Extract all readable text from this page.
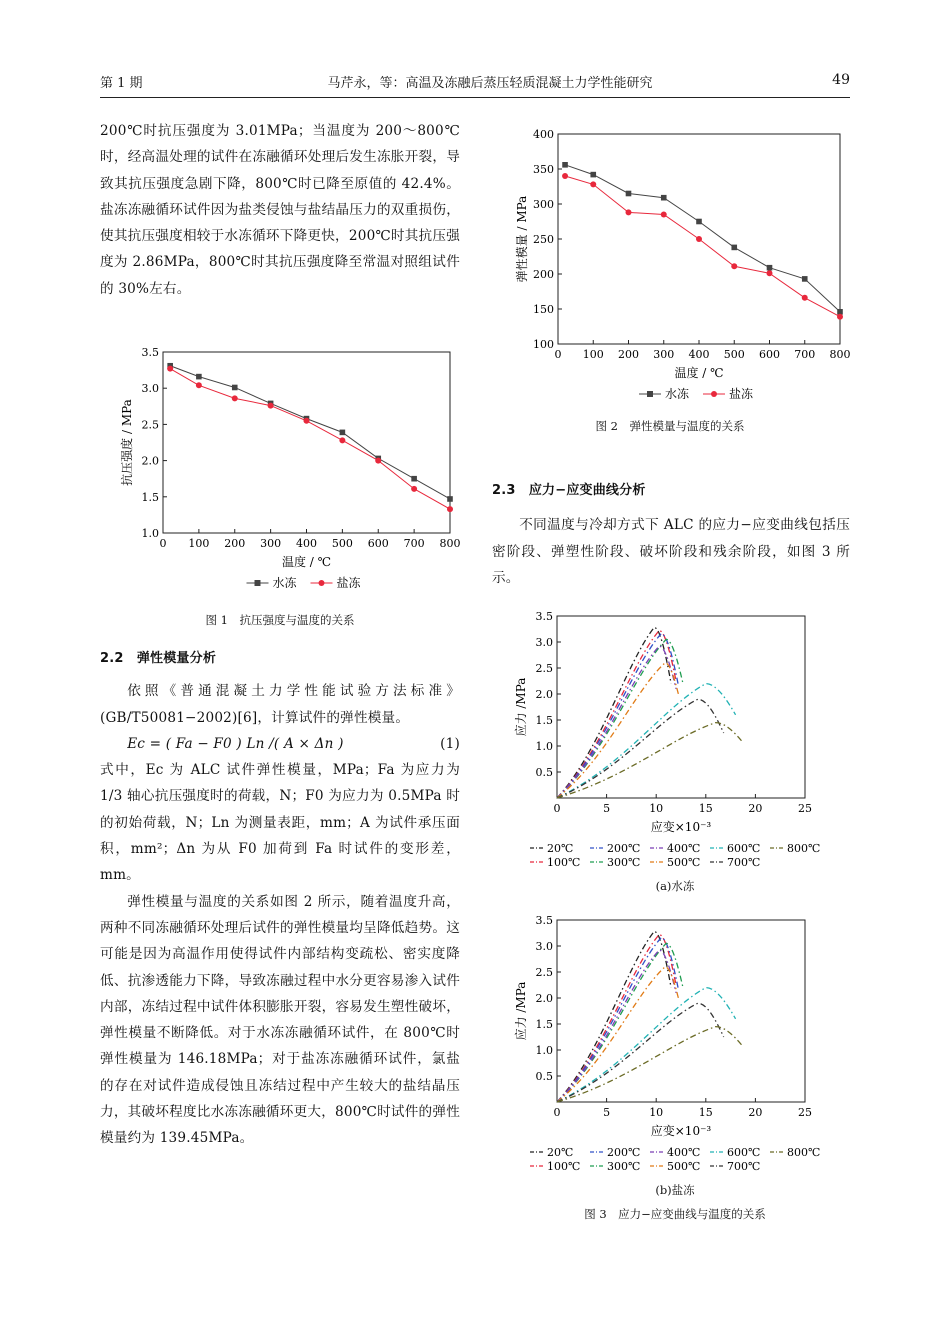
第 1 期	马芹永，等：高温及冻融后蒸压轻质混凝土力学性能研究	49

200℃时抗压强度为 3.01MPa；当温度为 200～800℃时，经高温处理的试件在冻融循环处理后发生冻胀开裂，导致其抗压强度急剧下降，800℃时已降至原值的 42.4%。盐冻冻融循环试件因为盐类侵蚀与盐结晶压力的双重损伤，使其抗压强度相较于水冻循环下降更快，200℃时其抗压强度为 2.86MPa，800℃时其抗压强度降至常温对照组试件的 30%左右。

0 100 200 300 400 500 600 700 800
1.0
1.5
2.0
2.5
3.0
3.5
温度 / ℃
抗压强度 / MPa
水冻	盐冻
图 1　抗压强度与温度的关系

2.2　弹性模量分析

依照《普通混凝土力学性能试验方法标准》(GB/T50081−2002)[6]，计算试件的弹性模量。

Ec = ( Fa − F0 ) Ln /( A × Δn )	(1)

式中，Ec 为 ALC 试件弹性模量，MPa；Fa 为应力为 1/3 轴心抗压强度时的荷载，N；F0 为应力为 0.5MPa 时的初始荷载，N；Ln 为测量表距，mm；A 为试件承压面积，mm²；Δn 为从 F0 加荷到 Fa 时试件的变形差，mm。

弹性模量与温度的关系如图 2 所示，随着温度升高，两种不同冻融循环处理后试件的弹性模量均呈降低趋势。这可能是因为高温作用使得试件内部结构变疏松、密实度降低、抗渗透能力下降，导致冻融过程中水分更容易渗入试件内部，冻结过程中试件体积膨胀开裂，容易发生塑性破坏，弹性模量不断降低。对于水冻冻融循环试件，在 800℃时弹性模量为 146.18MPa；对于盐冻冻融循环试件，氯盐的存在对试件造成侵蚀且冻结过程中产生较大的盐结晶压力，其破坏程度比水冻冻融循环更大，800℃时试件的弹性模量约为 139.45MPa。

0 100 200 300 400 500 600 700 800
100
150
200
250
300
350
400
温度 / ℃
弹性模量 / MPa
水冻	盐冻
图 2　弹性模量与温度的关系

2.3　应力−应变曲线分析

不同温度与冷却方式下 ALC 的应力−应变曲线包括压密阶段、弹塑性阶段、破坏阶段和残余阶段，如图 3 所示。

0	5	10	15	20	25
0.5
1.0
1.5
2.0
2.5
3.0
3.5
应变×10⁻³
应力 /MPa
20℃	200℃ 400℃ 600℃ 800℃
100℃ 300℃ 500℃ 700℃
(a)水冻
0	5	10	15	20	25
0.5
1.0
1.5
2.0
2.5
3.0
3.5
应变×10⁻³
应力 /MPa
20℃	200℃ 400℃ 600℃ 800℃
100℃ 300℃ 500℃ 700℃
(b)盐冻
图 3　应力−应变曲线与温度的关系
